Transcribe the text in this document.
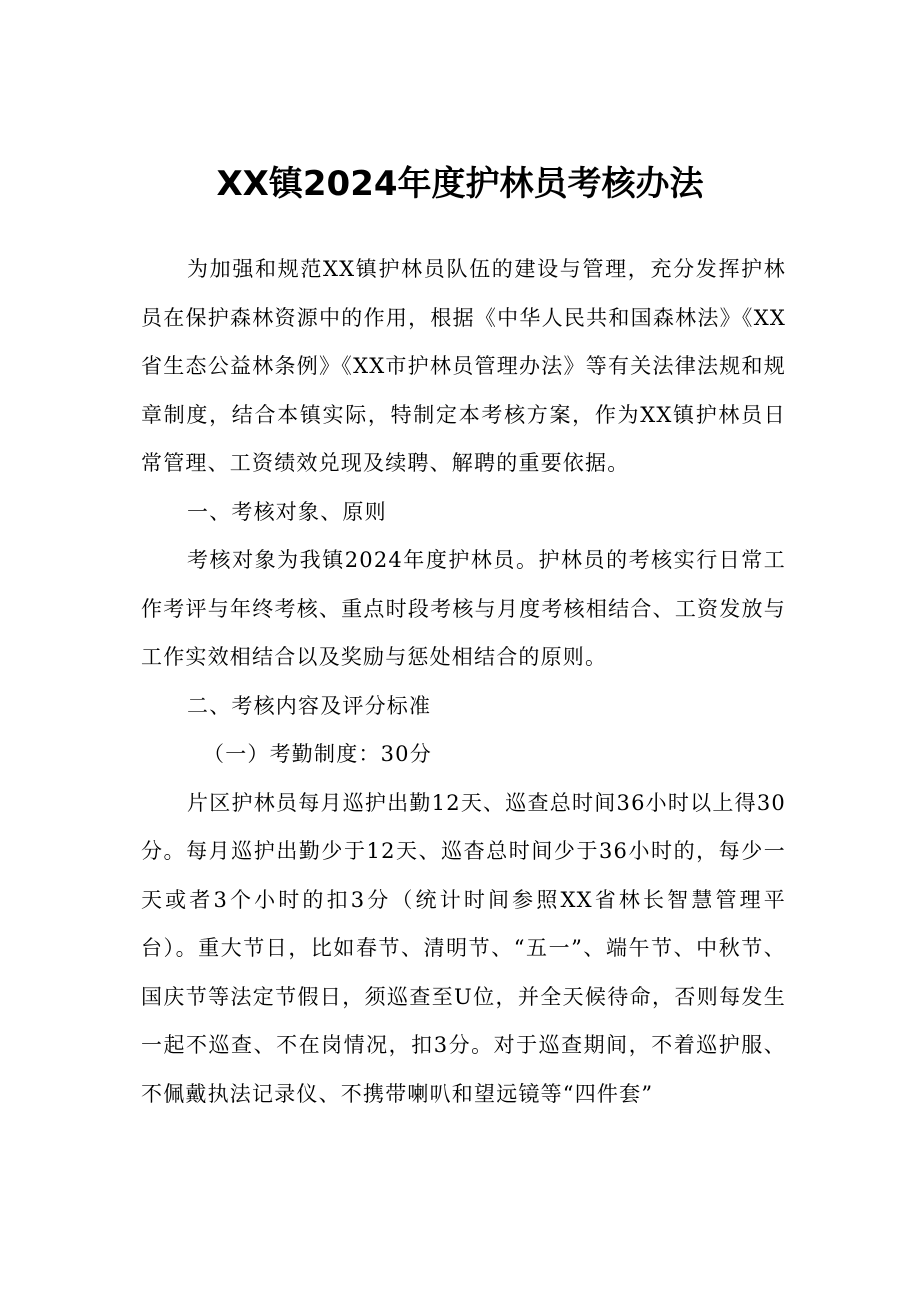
XX镇2024年度护林员考核办法

为加强和规范XX镇护林员队伍的建设与管理，充分发挥护林员在保护森林资源中的作用，根据《中华人民共和国森林法》《XX省生态公益林条例》《XX市护林员管理办法》等有关法律法规和规章制度，结合本镇实际，特制定本考核方案，作为XX镇护林员日常管理、工资绩效兑现及续聘、解聘的重要依据。

一、考核对象、原则

考核对象为我镇2024年度护林员。护林员的考核实行日常工作考评与年终考核、重点时段考核与月度考核相结合、工资发放与工作实效相结合以及奖励与惩处相结合的原则。

二、考核内容及评分标准

（一）考勤制度：30分

片区护林员每月巡护出勤12天、巡查总时间36小时以上得30分。每月巡护出勤少于12天、巡杳总时间少于36小时的，每少一天或者3个小时的扣3分（统计时间参照XX省林长智慧管理平台）。重大节日，比如春节、清明节、“五一”、端午节、中秋节、国庆节等法定节假日，须巡查至U位，并全天候待命，否则每发生一起不巡查、不在岗情况，扣3分。对于巡查期间，不着巡护服、不佩戴执法记录仪、不携带喇叭和望远镜等“四件套”
